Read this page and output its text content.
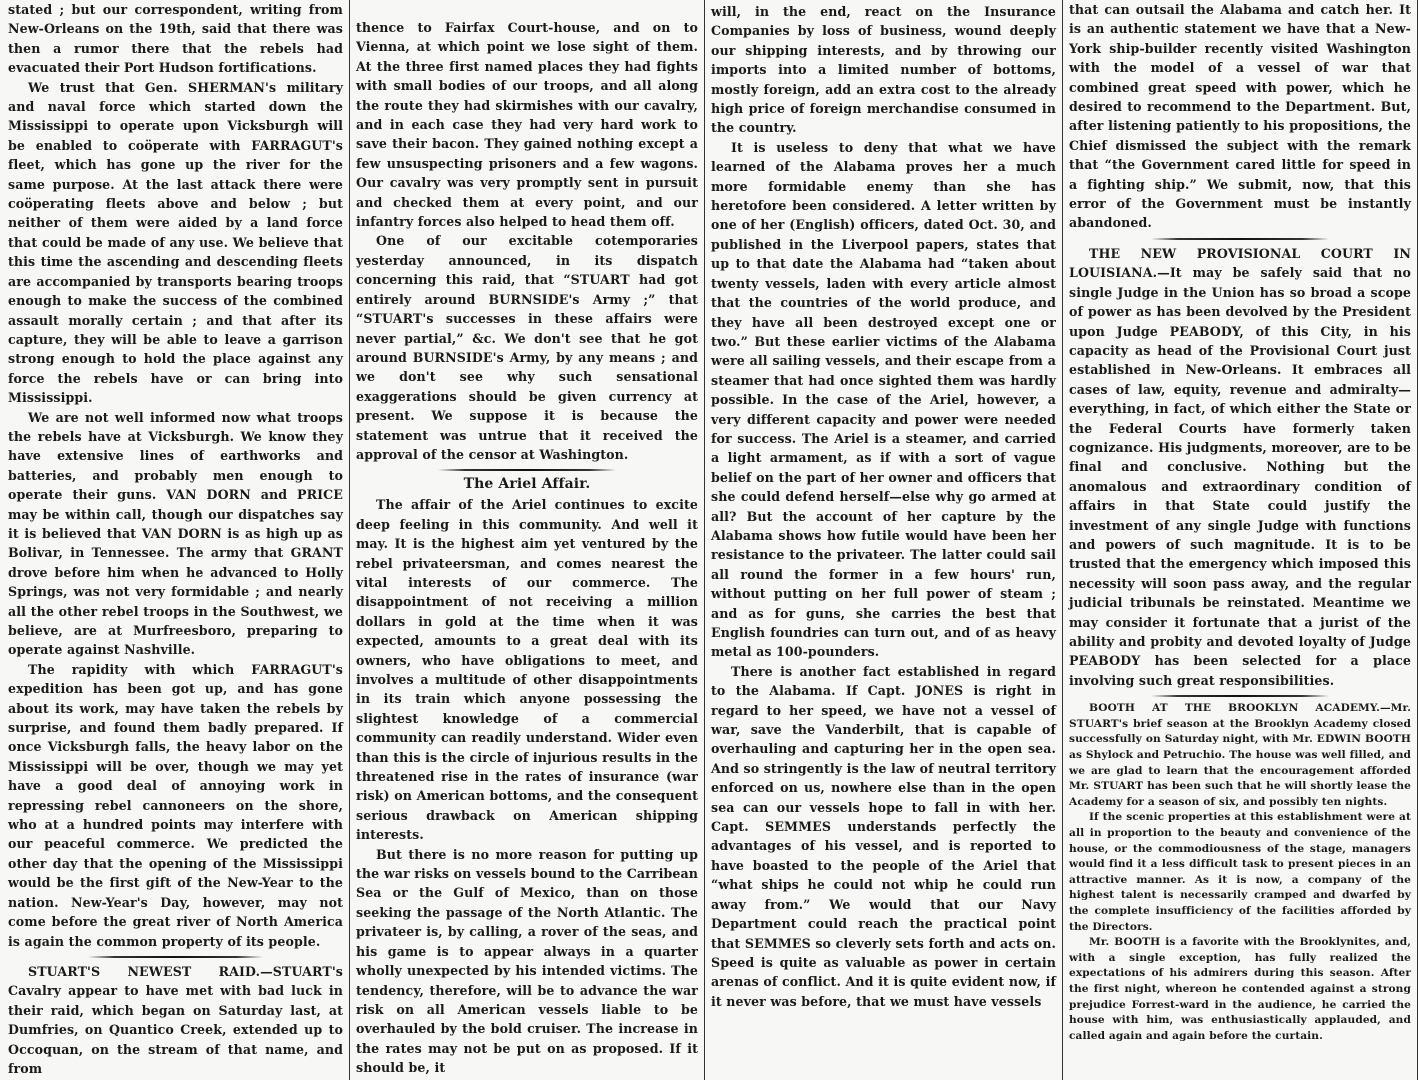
stated ; but our correspondent, writing from New-Orleans on the 19th, said that there was then a rumor there that the rebels had evacuated their Port Hudson fortifications.

We trust that Gen. SHERMAN's military and naval force which started down the Mississippi to operate upon Vicksburgh will be enabled to coöperate with FARRAGUT's fleet, which has gone up the river for the same purpose. At the last attack there were coöperating fleets above and below ; but neither of them were aided by a land force that could be made of any use. We believe that this time the ascending and descending fleets are accompanied by transports bearing troops enough to make the success of the combined assault morally certain ; and that after its capture, they will be able to leave a garrison strong enough to hold the place against any force the rebels have or can bring into Mississippi.

We are not well informed now what troops the rebels have at Vicksburgh. We know they have extensive lines of earthworks and batteries, and probably men enough to operate their guns. VAN DORN and PRICE may be within call, though our dispatches say it is believed that VAN DORN is as high up as Bolivar, in Tennessee. The army that GRANT drove before him when he advanced to Holly Springs, was not very formidable ; and nearly all the other rebel troops in the Southwest, we believe, are at Murfreesboro, preparing to operate against Nashville.

The rapidity with which FARRAGUT's expedition has been got up, and has gone about its work, may have taken the rebels by surprise, and found them badly prepared. If once Vicksburgh falls, the heavy labor on the Mississippi will be over, though we may yet have a good deal of annoying work in repressing rebel cannoneers on the shore, who at a hundred points may interfere with our peaceful commerce. We predicted the other day that the opening of the Mississippi would be the first gift of the New-Year to the nation. New-Year's Day, however, may not come before the great river of North America is again the common property of its people.

STUART'S NEWEST RAID.—STUART's Cavalry appear to have met with bad luck in their raid, which began on Saturday last, at Dumfries, on Quantico Creek, extended up to Occoquan, on the stream of that name, and from

thence to Fairfax Court-house, and on to Vienna, at which point we lose sight of them. At the three first named places they had fights with small bodies of our troops, and all along the route they had skirmishes with our cavalry, and in each case they had very hard work to save their bacon. They gained nothing except a few unsuspecting prisoners and a few wagons. Our cavalry was very promptly sent in pursuit and checked them at every point, and our infantry forces also helped to head them off.

One of our excitable cotemporaries yesterday announced, in its dispatch concerning this raid, that “STUART had got entirely around BURNSIDE's Army ;” that “STUART's successes in these affairs were never partial,” &c. We don't see that he got around BURNSIDE's Army, by any means ; and we don't see why such sensational exaggerations should be given currency at present. We suppose it is because the statement was untrue that it received the approval of the censor at Washington.

The Ariel Affair.

The affair of the Ariel continues to excite deep feeling in this community. And well it may. It is the highest aim yet ventured by the rebel privateersman, and comes nearest the vital interests of our commerce. The disappointment of not receiving a million dollars in gold at the time when it was expected, amounts to a great deal with its owners, who have obligations to meet, and involves a multitude of other disappointments in its train which anyone possessing the slightest knowledge of a commercial community can readily understand. Wider even than this is the circle of injurious results in the threatened rise in the rates of insurance (war risk) on American bottoms, and the consequent serious drawback on American shipping interests.

But there is no more reason for putting up the war risks on vessels bound to the Carribean Sea or the Gulf of Mexico, than on those seeking the passage of the North Atlantic. The privateer is, by calling, a rover of the seas, and his game is to appear always in a quarter wholly unexpected by his intended victims. The tendency, therefore, will be to advance the war risk on all American vessels liable to be overhauled by the bold cruiser. The increase in the rates may not be put on as proposed. If it should be, it

will, in the end, react on the Insurance Companies by loss of business, wound deeply our shipping interests, and by throwing our imports into a limited number of bottoms, mostly foreign, add an extra cost to the already high price of foreign merchandise consumed in the country.

It is useless to deny that what we have learned of the Alabama proves her a much more formidable enemy than she has heretofore been considered. A letter written by one of her (English) officers, dated Oct. 30, and published in the Liverpool papers, states that up to that date the Alabama had “taken about twenty vessels, laden with every article almost that the countries of the world produce, and they have all been destroyed except one or two.” But these earlier victims of the Alabama were all sailing vessels, and their escape from a steamer that had once sighted them was hardly possible. In the case of the Ariel, however, a very different capacity and power were needed for success. The Ariel is a steamer, and carried a light armament, as if with a sort of vague belief on the part of her owner and officers that she could defend herself—else why go armed at all? But the account of her capture by the Alabama shows how futile would have been her resistance to the privateer. The latter could sail all round the former in a few hours' run, without putting on her full power of steam ; and as for guns, she carries the best that English foundries can turn out, and of as heavy metal as 100-pounders.

There is another fact established in regard to the Alabama. If Capt. JONES is right in regard to her speed, we have not a vessel of war, save the Vanderbilt, that is capable of overhauling and capturing her in the open sea. And so stringently is the law of neutral territory enforced on us, nowhere else than in the open sea can our vessels hope to fall in with her. Capt. SEMMES understands perfectly the advantages of his vessel, and is reported to have boasted to the people of the Ariel that “what ships he could not whip he could run away from.” We would that our Navy Department could reach the practical point that SEMMES so cleverly sets forth and acts on. Speed is quite as valuable as power in certain arenas of conflict. And it is quite evident now, if it never was before, that we must have vessels

that can outsail the Alabama and catch her. It is an authentic statement we have that a New-York ship-builder recently visited Washington with the model of a vessel of war that combined great speed with power, which he desired to recommend to the Department. But, after listening patiently to his propositions, the Chief dismissed the subject with the remark that “the Government cared little for speed in a fighting ship.” We submit, now, that this error of the Government must be instantly abandoned.

THE NEW PROVISIONAL COURT IN LOUISIANA.—It may be safely said that no single Judge in the Union has so broad a scope of power as has been devolved by the President upon Judge PEABODY, of this City, in his capacity as head of the Provisional Court just established in New-Orleans. It embraces all cases of law, equity, revenue and admiralty—everything, in fact, of which either the State or the Federal Courts have formerly taken cognizance. His judgments, moreover, are to be final and conclusive. Nothing but the anomalous and extraordinary condition of affairs in that State could justify the investment of any single Judge with functions and powers of such magnitude. It is to be trusted that the emergency which imposed this necessity will soon pass away, and the regular judicial tribunals be reinstated. Meantime we may consider it fortunate that a jurist of the ability and probity and devoted loyalty of Judge PEABODY has been selected for a place involving such great responsibilities.

BOOTH AT THE BROOKLYN ACADEMY.—Mr. STUART's brief season at the Brooklyn Academy closed successfully on Saturday night, with Mr. EDWIN BOOTH as Shylock and Petruchio. The house was well filled, and we are glad to learn that the encouragement afforded Mr. STUART has been such that he will shortly lease the Academy for a season of six, and possibly ten nights.

If the scenic properties at this establishment were at all in proportion to the beauty and convenience of the house, or the commodiousness of the stage, managers would find it a less difficult task to present pieces in an attractive manner. As it is now, a company of the highest talent is necessarily cramped and dwarfed by the complete insufficiency of the facilities afforded by the Directors.

Mr. BOOTH is a favorite with the Brooklynites, and, with a single exception, has fully realized the expectations of his admirers during this season. After the first night, whereon he contended against a strong prejudice Forrest-ward in the audience, he carried the house with him, was enthusiastically applauded, and called again and again before the curtain.
